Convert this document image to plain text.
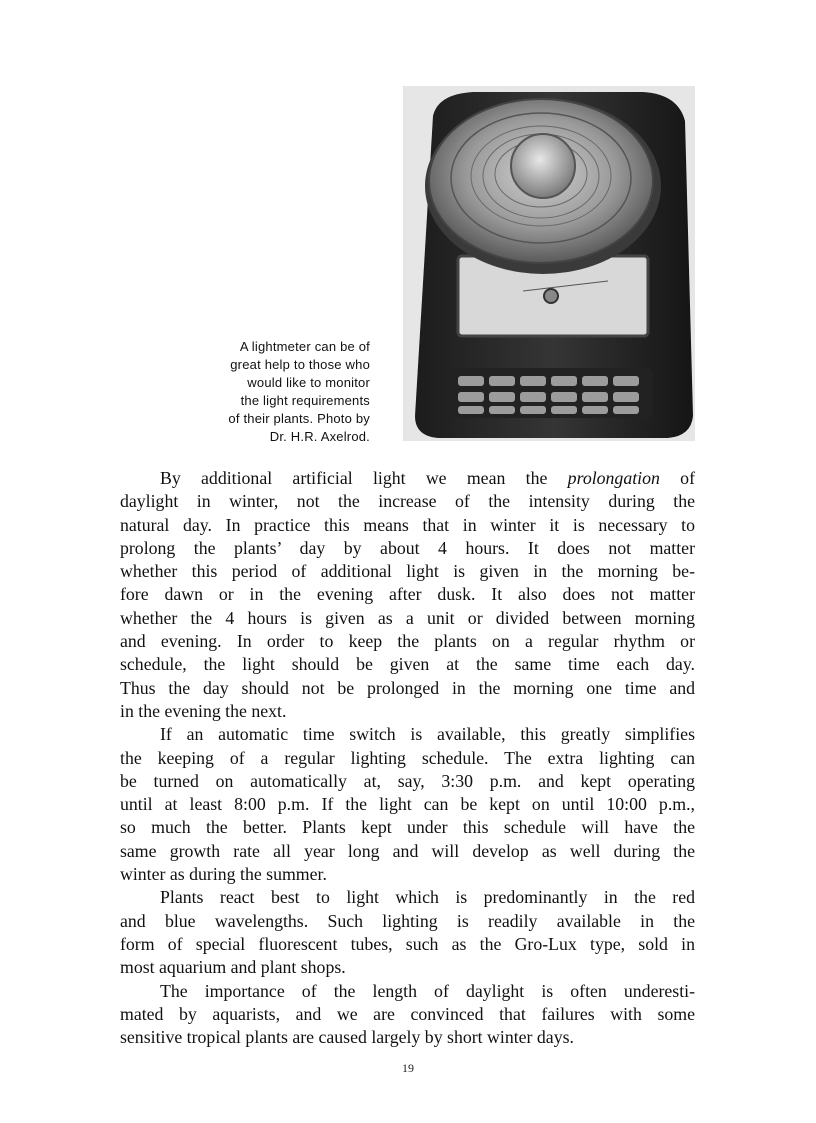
A lightmeter can be of
great help to those who
would like to monitor
the light requirements
of their plants. Photo by
Dr. H.R. Axelrod.
By additional artificial light we mean the prolongation of
daylight in winter, not the increase of the intensity during the
natural day. In practice this means that in winter it is necessary to
prolong the plants’ day by about 4 hours. It does not matter
whether this period of additional light is given in the morning be-
fore dawn or in the evening after dusk. It also does not matter
whether the 4 hours is given as a unit or divided between morning
and evening. In order to keep the plants on a regular rhythm or
schedule, the light should be given at the same time each day.
Thus the day should not be prolonged in the morning one time and
in the evening the next.
If an automatic time switch is available, this greatly simplifies
the keeping of a regular lighting schedule. The extra lighting can
be turned on automatically at, say, 3:30 p.m. and kept operating
until at least 8:00 p.m. If the light can be kept on until 10:00 p.m.,
so much the better. Plants kept under this schedule will have the
same growth rate all year long and will develop as well during the
winter as during the summer.
Plants react best to light which is predominantly in the red
and blue wavelengths. Such lighting is readily available in the
form of special fluorescent tubes, such as the Gro-Lux type, sold in
most aquarium and plant shops.
The importance of the length of daylight is often underesti-
mated by aquarists, and we are convinced that failures with some
sensitive tropical plants are caused largely by short winter days.
19
